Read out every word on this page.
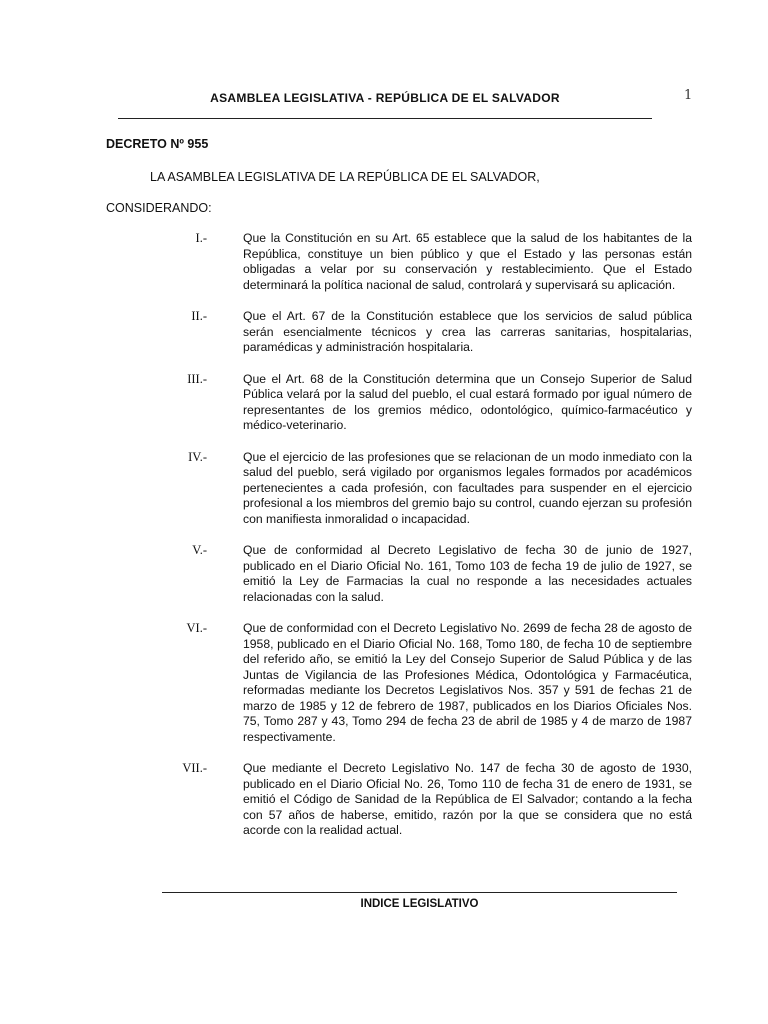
ASAMBLEA LEGISLATIVA - REPÚBLICA DE EL SALVADOR	1
DECRETO Nº 955
LA ASAMBLEA LEGISLATIVA DE LA REPÚBLICA DE EL SALVADOR,
CONSIDERANDO:
I.-	Que la Constitución en su Art. 65 establece que la salud de los habitantes de la República, constituye un bien público y que el Estado y las personas están obligadas a velar por su conservación y restablecimiento. Que el Estado determinará la política nacional de salud, controlará y supervisará su aplicación.
II.-	Que el Art. 67 de la Constitución establece que los servicios de salud pública serán esencialmente técnicos y crea las carreras sanitarias, hospitalarias, paramédicas y administración hospitalaria.
III.-	Que el Art. 68 de la Constitución determina que un Consejo Superior de Salud Pública velará por la salud del pueblo, el cual estará formado por igual número de representantes de los gremios médico, odontológico, químico-farmacéutico y médico-veterinario.
IV.-	Que el ejercicio de las profesiones que se relacionan de un modo inmediato con la salud del pueblo, será vigilado por organismos legales formados por académicos pertenecientes a cada profesión, con facultades para suspender en el ejercicio profesional a los miembros del gremio bajo su control, cuando ejerzan su profesión con manifiesta inmoralidad o incapacidad.
V.-	Que de conformidad al Decreto Legislativo de fecha 30 de junio de 1927, publicado en el Diario Oficial No. 161, Tomo 103 de fecha 19 de julio de 1927, se emitió la Ley de Farmacias la cual no responde a las necesidades actuales relacionadas con la salud.
VI.-	Que de conformidad con el Decreto Legislativo No. 2699 de fecha 28 de agosto de 1958, publicado en el Diario Oficial No. 168, Tomo 180, de fecha 10 de septiembre del referido año, se emitió la Ley del Consejo Superior de Salud Pública y de las Juntas de Vigilancia de las Profesiones Médica, Odontológica y Farmacéutica, reformadas mediante los Decretos Legislativos Nos. 357 y 591 de fechas 21 de marzo de 1985 y 12 de febrero de 1987, publicados en los Diarios Oficiales Nos. 75, Tomo 287 y 43, Tomo 294 de fecha 23 de abril de 1985 y 4 de marzo de 1987 respectivamente.
VII.-	Que mediante el Decreto Legislativo No. 147 de fecha 30 de agosto de 1930, publicado en el Diario Oficial No. 26, Tomo 110 de fecha 31 de enero de 1931, se emitió el Código de Sanidad de la República de El Salvador; contando a la fecha con 57 años de haberse, emitido, razón por la que se considera que no está acorde con la realidad actual.
INDICE LEGISLATIVO
